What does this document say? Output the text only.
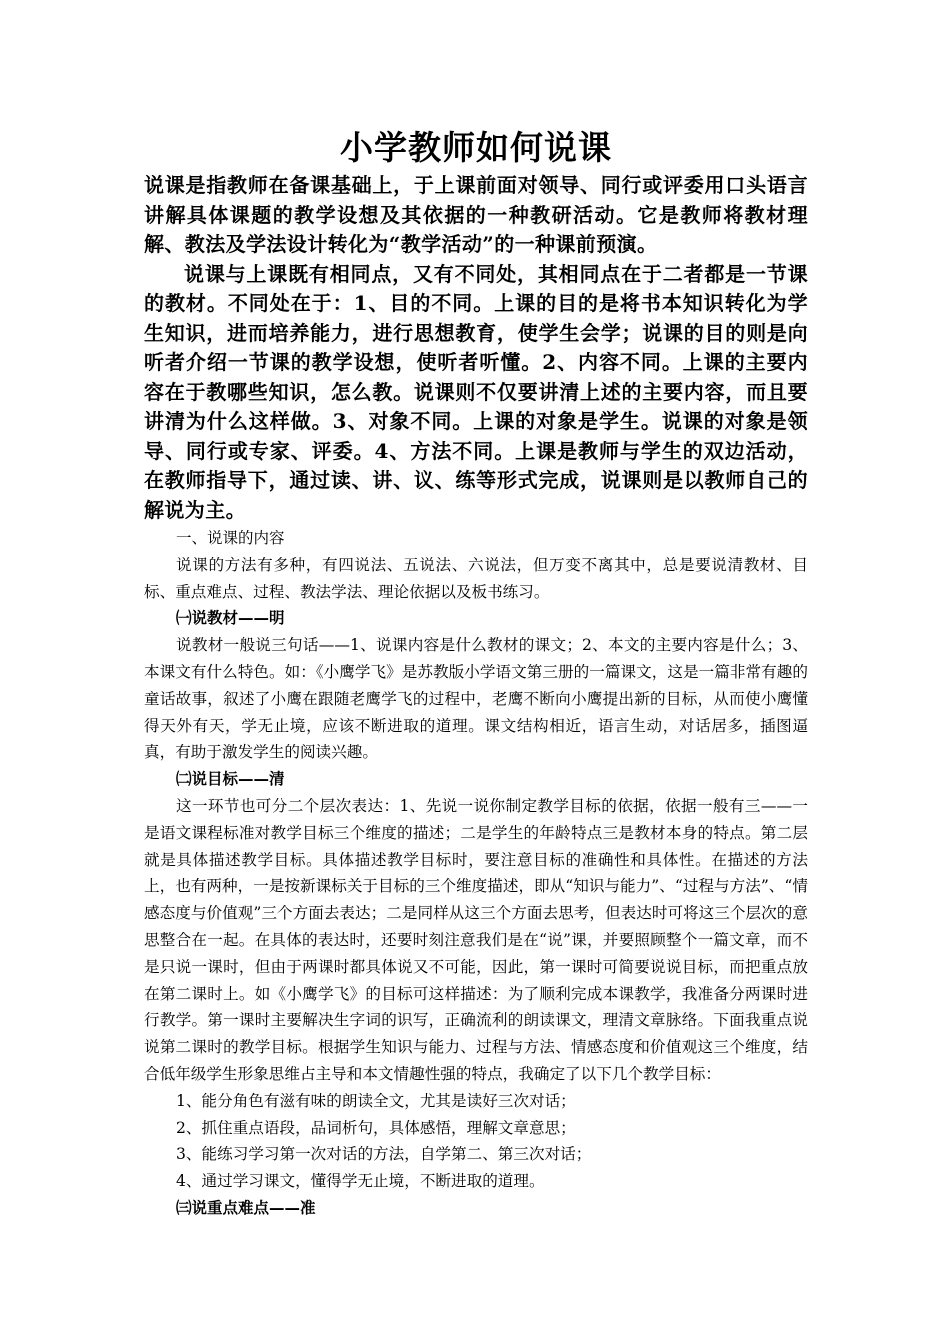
小学教师如何说课

说课是指教师在备课基础上，于上课前面对领导、同行或评委用口头语言讲解具体课题的教学设想及其依据的一种教研活动。它是教师将教材理解、教法及学法设计转化为“教学活动”的一种课前预演。

说课与上课既有相同点，又有不同处，其相同点在于二者都是一节课的教材。不同处在于：1、目的不同。上课的目的是将书本知识转化为学生知识，进而培养能力，进行思想教育，使学生会学；说课的目的则是向听者介绍一节课的教学设想，使听者听懂。2、内容不同。上课的主要内容在于教哪些知识，怎么教。说课则不仅要讲清上述的主要内容，而且要讲清为什么这样做。3、对象不同。上课的对象是学生。说课的对象是领导、同行或专家、评委。4、方法不同。上课是教师与学生的双边活动，在教师指导下，通过读、讲、议、练等形式完成，说课则是以教师自己的解说为主。

一、说课的内容

说课的方法有多种，有四说法、五说法、六说法，但万变不离其中，总是要说清教材、目标、重点难点、过程、教法学法、理论依据以及板书练习。

㈠说教材——明

说教材一般说三句话——1、说课内容是什么教材的课文；2、本文的主要内容是什么；3、本课文有什么特色。如：《小鹰学飞》是苏教版小学语文第三册的一篇课文，这是一篇非常有趣的童话故事，叙述了小鹰在跟随老鹰学飞的过程中，老鹰不断向小鹰提出新的目标，从而使小鹰懂得天外有天，学无止境，应该不断进取的道理。课文结构相近，语言生动，对话居多，插图逼真，有助于激发学生的阅读兴趣。

㈡说目标——清

这一环节也可分二个层次表达：1、先说一说你制定教学目标的依据，依据一般有三——一是语文课程标准对教学目标三个维度的描述；二是学生的年龄特点三是教材本身的特点。第二层就是具体描述教学目标。具体描述教学目标时，要注意目标的准确性和具体性。在描述的方法上，也有两种，一是按新课标关于目标的三个维度描述，即从“知识与能力”、“过程与方法”、“情感态度与价值观”三个方面去表达；二是同样从这三个方面去思考，但表达时可将这三个层次的意思整合在一起。在具体的表达时，还要时刻注意我们是在“说”课，并要照顾整个一篇文章，而不是只说一课时，但由于两课时都具体说又不可能，因此，第一课时可简要说说目标，而把重点放在第二课时上。如《小鹰学飞》的目标可这样描述：为了顺利完成本课教学，我准备分两课时进行教学。第一课时主要解决生字词的识写，正确流利的朗读课文，理清文章脉络。下面我重点说说第二课时的教学目标。根据学生知识与能力、过程与方法、情感态度和价值观这三个维度，结合低年级学生形象思维占主导和本文情趣性强的特点，我确定了以下几个教学目标：

1、能分角色有滋有味的朗读全文，尤其是读好三次对话；

2、抓住重点语段，品词析句，具体感悟，理解文章意思；

3、能练习学习第一次对话的方法，自学第二、第三次对话；

4、通过学习课文，懂得学无止境，不断进取的道理。

㈢说重点难点——准
